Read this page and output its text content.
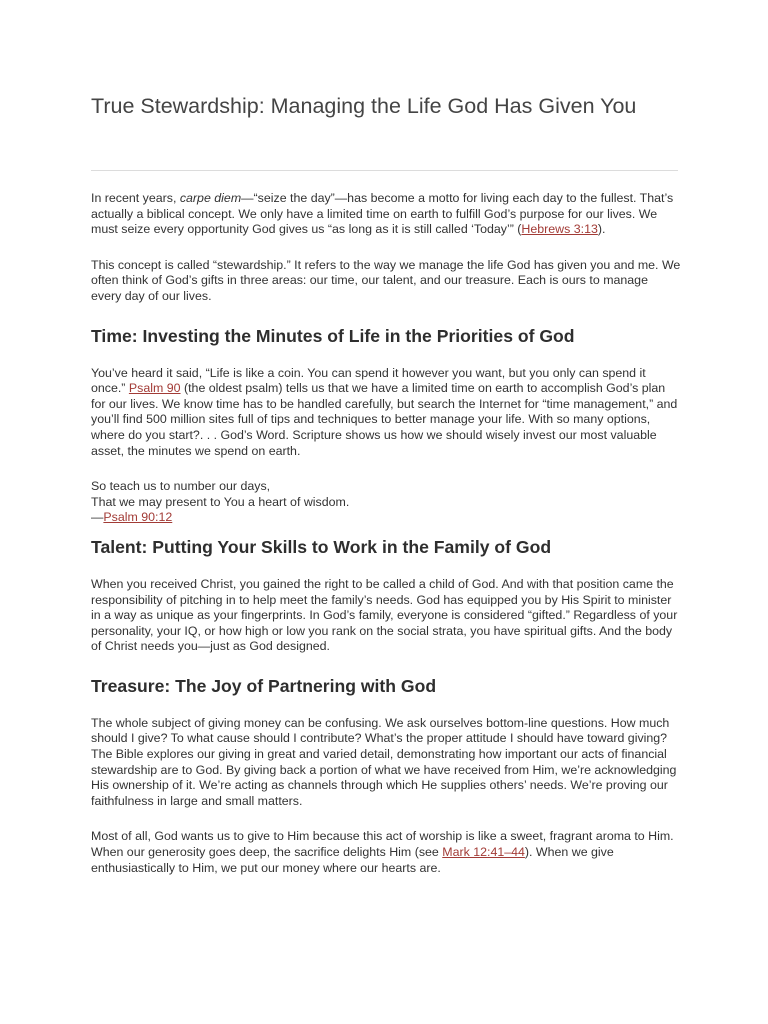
True Stewardship: Managing the Life God Has Given You

In recent years, carpe diem—“seize the day”—has become a motto for living each day to the fullest. That’s actually a biblical concept. We only have a limited time on earth to fulfill God’s purpose for our lives. We must seize every opportunity God gives us “as long as it is still called ‘Today’” (Hebrews 3:13).

This concept is called “stewardship.” It refers to the way we manage the life God has given you and me. We often think of God’s gifts in three areas: our time, our talent, and our treasure. Each is ours to manage every day of our lives.

Time: Investing the Minutes of Life in the Priorities of God

You’ve heard it said, “Life is like a coin. You can spend it however you want, but you only can spend it once.” Psalm 90 (the oldest psalm) tells us that we have a limited time on earth to accomplish God’s plan for our lives. We know time has to be handled carefully, but search the Internet for “time management,” and you’ll find 500 million sites full of tips and techniques to better manage your life. With so many options, where do you start?. . . God’s Word. Scripture shows us how we should wisely invest our most valuable asset, the minutes we spend on earth.

So teach us to number our days,
That we may present to You a heart of wisdom.
—Psalm 90:12

Talent: Putting Your Skills to Work in the Family of God

When you received Christ, you gained the right to be called a child of God. And with that position came the responsibility of pitching in to help meet the family’s needs. God has equipped you by His Spirit to minister in a way as unique as your fingerprints. In God’s family, everyone is considered “gifted.” Regardless of your personality, your IQ, or how high or low you rank on the social strata, you have spiritual gifts. And the body of Christ needs you—just as God designed.

Treasure: The Joy of Partnering with God

The whole subject of giving money can be confusing. We ask ourselves bottom-line questions. How much should I give? To what cause should I contribute? What’s the proper attitude I should have toward giving? The Bible explores our giving in great and varied detail, demonstrating how important our acts of financial stewardship are to God. By giving back a portion of what we have received from Him, we’re acknowledging His ownership of it. We’re acting as channels through which He supplies others’ needs. We’re proving our faithfulness in large and small matters.

Most of all, God wants us to give to Him because this act of worship is like a sweet, fragrant aroma to Him. When our generosity goes deep, the sacrifice delights Him (see Mark 12:41–44). When we give enthusiastically to Him, we put our money where our hearts are.
